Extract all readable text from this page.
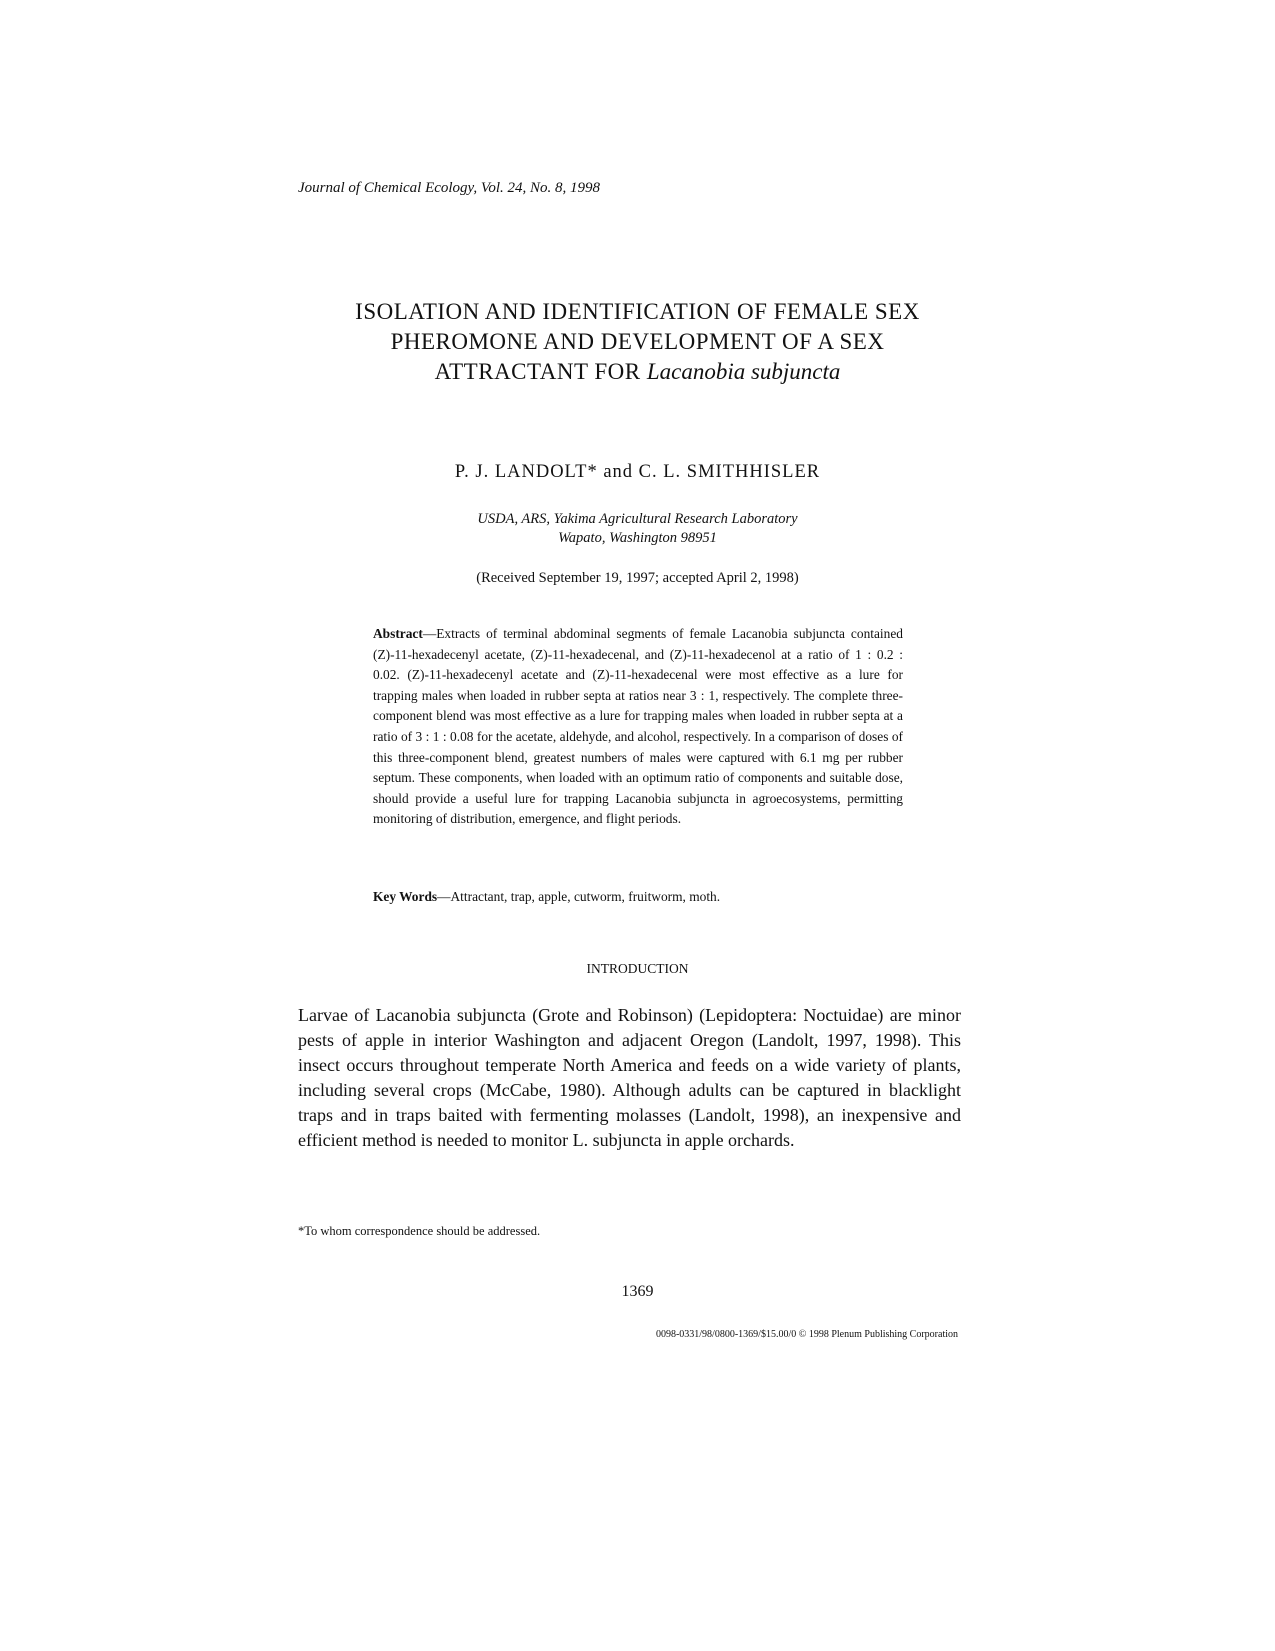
Journal of Chemical Ecology, Vol. 24, No. 8, 1998
ISOLATION AND IDENTIFICATION OF FEMALE SEX
PHEROMONE AND DEVELOPMENT OF A SEX
ATTRACTANT FOR Lacanobia subjuncta
P. J. LANDOLT* and C. L. SMITHHISLER
USDA, ARS, Yakima Agricultural Research Laboratory
Wapato, Washington 98951
(Received September 19, 1997; accepted April 2, 1998)
Abstract—Extracts of terminal abdominal segments of female Lacanobia subjuncta contained (Z)-11-hexadecenyl acetate, (Z)-11-hexadecenal, and (Z)-11-hexadecenol at a ratio of 1 : 0.2 : 0.02. (Z)-11-hexadecenyl acetate and (Z)-11-hexadecenal were most effective as a lure for trapping males when loaded in rubber septa at ratios near 3 : 1, respectively. The complete three-component blend was most effective as a lure for trapping males when loaded in rubber septa at a ratio of 3 : 1 : 0.08 for the acetate, aldehyde, and alcohol, respectively. In a comparison of doses of this three-component blend, greatest numbers of males were captured with 6.1 mg per rubber septum. These components, when loaded with an optimum ratio of components and suitable dose, should provide a useful lure for trapping Lacanobia subjuncta in agroecosystems, permitting monitoring of distribution, emergence, and flight periods.
Key Words—Attractant, trap, apple, cutworm, fruitworm, moth.
INTRODUCTION
Larvae of Lacanobia subjuncta (Grote and Robinson) (Lepidoptera: Noctuidae) are minor pests of apple in interior Washington and adjacent Oregon (Landolt, 1997, 1998). This insect occurs throughout temperate North America and feeds on a wide variety of plants, including several crops (McCabe, 1980). Although adults can be captured in blacklight traps and in traps baited with fermenting molasses (Landolt, 1998), an inexpensive and efficient method is needed to monitor L. subjuncta in apple orchards.
*To whom correspondence should be addressed.
1369
0098-0331/98/0800-1369/$15.00/0 © 1998 Plenum Publishing Corporation
